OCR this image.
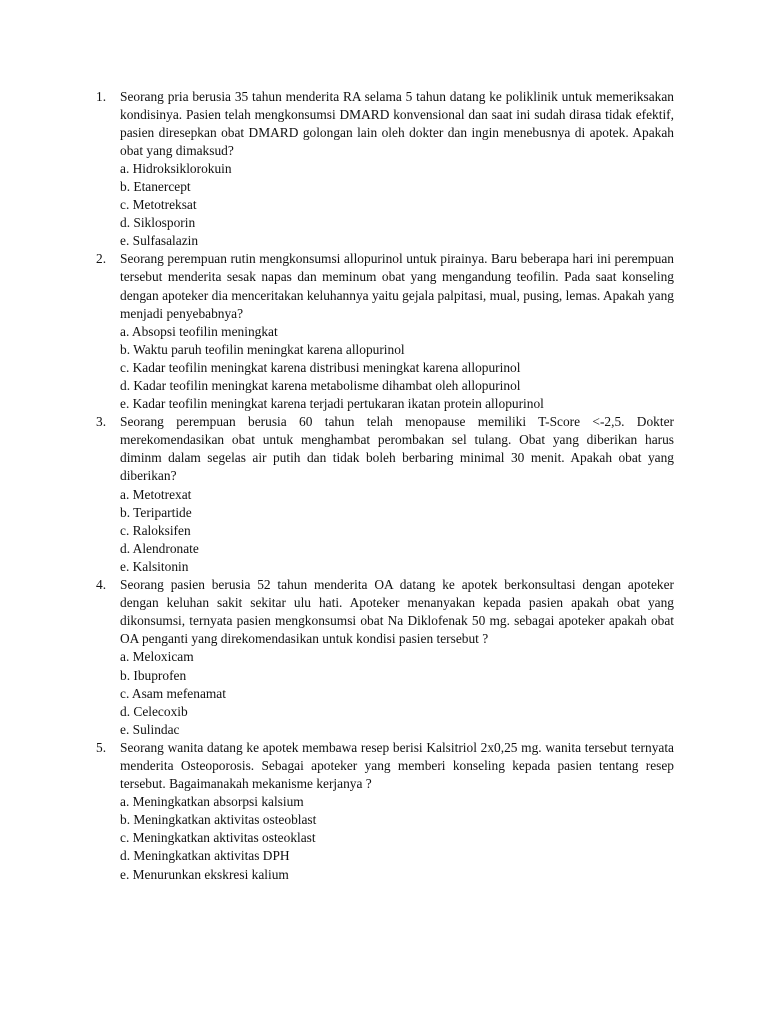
1.	Seorang pria berusia 35 tahun menderita RA selama 5 tahun datang ke poliklinik untuk memeriksakan kondisinya. Pasien telah mengkonsumsi DMARD konvensional dan saat ini sudah dirasa tidak efektif, pasien diresepkan obat DMARD golongan lain oleh dokter dan ingin menebusnya di apotek. Apakah obat yang dimaksud?

a. Hidroksiklorokuin
b. Etanercept
c. Metotreksat
d. Siklosporin
e. Sulfasalazin
2.	Seorang perempuan rutin mengkonsumsi allopurinol untuk pirainya. Baru beberapa hari ini perempuan tersebut menderita sesak napas dan meminum obat yang mengandung teofilin. Pada saat konseling dengan apoteker dia menceritakan keluhannya yaitu gejala palpitasi, mual, pusing, lemas. Apakah yang menjadi penyebabnya?

a. Absopsi teofilin meningkat
b. Waktu paruh teofilin meningkat karena allopurinol
c. Kadar teofilin meningkat karena distribusi meningkat karena allopurinol
d. Kadar teofilin meningkat karena metabolisme dihambat oleh allopurinol
e. Kadar teofilin meningkat karena terjadi pertukaran ikatan protein allopurinol
3.	Seorang perempuan berusia 60 tahun telah menopause memiliki T-Score <-2,5. Dokter merekomendasikan obat untuk menghambat perombakan sel tulang. Obat yang diberikan harus diminm dalam segelas air putih dan tidak boleh berbaring minimal 30 menit. Apakah obat yang diberikan?

a. Metotrexat
b. Teripartide
c. Raloksifen
d. Alendronate
e. Kalsitonin
4.	Seorang pasien berusia 52 tahun menderita OA datang ke apotek berkonsultasi dengan apoteker dengan keluhan sakit sekitar ulu hati. Apoteker menanyakan kepada pasien apakah obat yang dikonsumsi, ternyata pasien mengkonsumsi obat Na Diklofenak 50 mg. sebagai apoteker apakah obat OA penganti yang direkomendasikan untuk kondisi pasien tersebut ?

a. Meloxicam
b. Ibuprofen
c. Asam mefenamat
d. Celecoxib
e. Sulindac
5.	Seorang wanita datang ke apotek membawa resep berisi Kalsitriol 2x0,25 mg. wanita tersebut ternyata menderita Osteoporosis. Sebagai apoteker yang memberi konseling kepada pasien tentang resep tersebut. Bagaimanakah mekanisme kerjanya ?

a. Meningkatkan absorpsi kalsium
b. Meningkatkan aktivitas osteoblast
c. Meningkatkan aktivitas osteoklast
d. Meningkatkan aktivitas DPH
e. Menurunkan ekskresi kalium
